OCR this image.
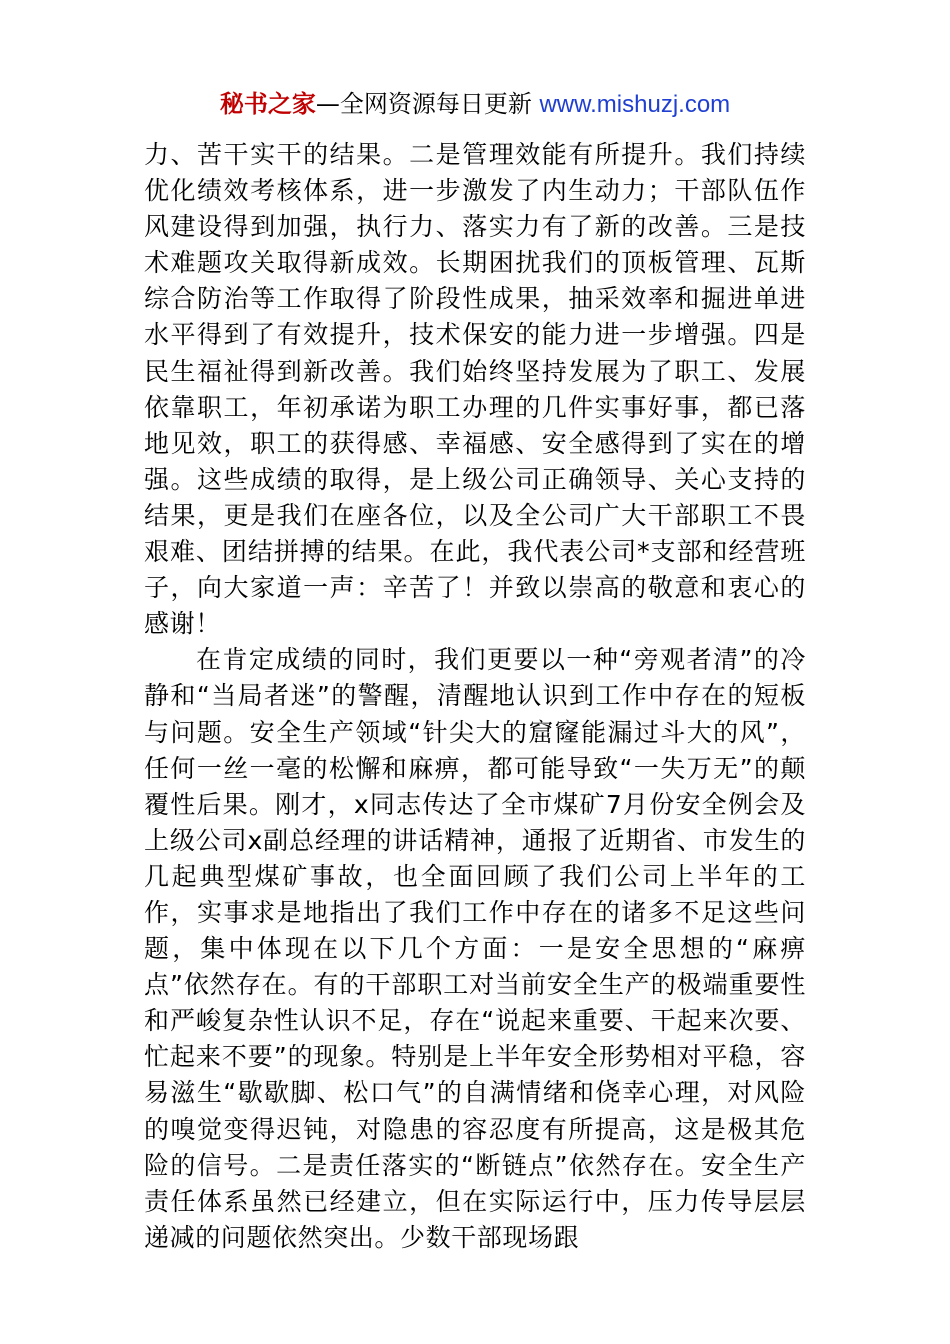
秘书之家—全网资源每日更新 www.mishuzj.com

力、苦干实干的结果。二是管理效能有所提升。我们持续优化绩效考核体系，进一步激发了内生动力；干部队伍作风建设得到加强，执行力、落实力有了新的改善。三是技术难题攻关取得新成效。长期困扰我们的顶板管理、瓦斯综合防治等工作取得了阶段性成果，抽采效率和掘进单进水平得到了有效提升，技术保安的能力进一步增强。四是民生福祉得到新改善。我们始终坚持发展为了职工、发展依靠职工，年初承诺为职工办理的几件实事好事，都已落地见效，职工的获得感、幸福感、安全感得到了实在的增强。这些成绩的取得，是上级公司正确领导、关心支持的结果，更是我们在座各位，以及全公司广大干部职工不畏艰难、团结拼搏的结果。在此，我代表公司*支部和经营班子，向大家道一声：辛苦了！并致以崇高的敬意和衷心的感谢！

在肯定成绩的同时，我们更要以一种“旁观者清”的冷静和“当局者迷”的警醒，清醒地认识到工作中存在的短板与问题。安全生产领域“针尖大的窟窿能漏过斗大的风”，任何一丝一毫的松懈和麻痹，都可能导致“一失万无”的颠覆性后果。刚才，x同志传达了全市煤矿7月份安全例会及上级公司x副总经理的讲话精神，通报了近期省、市发生的几起典型煤矿事故，也全面回顾了我们公司上半年的工作，实事求是地指出了我们工作中存在的诸多不足这些问题，集中体现在以下几个方面：一是安全思想的“麻痹点”依然存在。有的干部职工对当前安全生产的极端重要性和严峻复杂性认识不足，存在“说起来重要、干起来次要、忙起来不要”的现象。特别是上半年安全形势相对平稳，容易滋生“歇歇脚、松口气”的自满情绪和侥幸心理，对风险的嗅觉变得迟钝，对隐患的容忍度有所提高，这是极其危险的信号。二是责任落实的“断链点”依然存在。安全生产责任体系虽然已经建立，但在实际运行中，压力传导层层递减的问题依然突出。少数干部现场跟
